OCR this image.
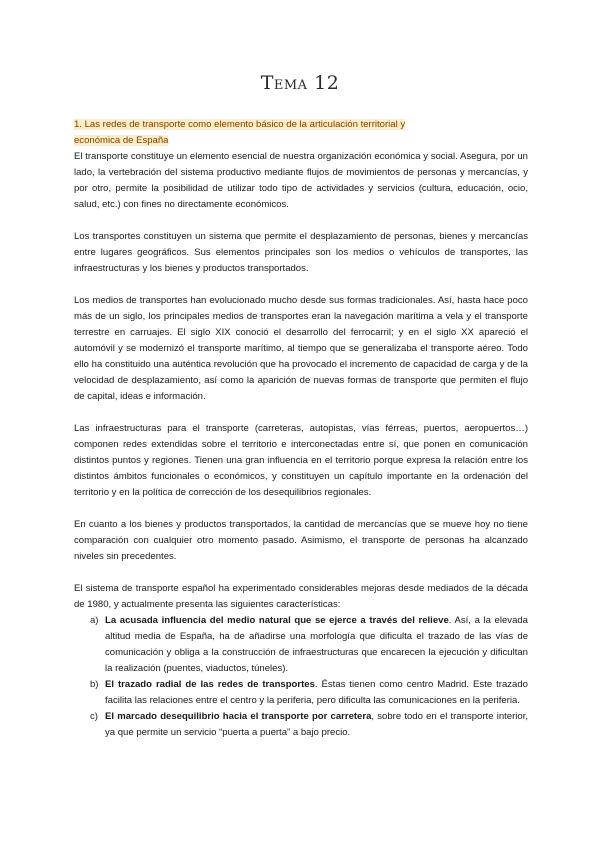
Tema 12
1. Las redes de transporte como elemento básico de la articulación territorial y
económica de España

El transporte constituye un elemento esencial de nuestra organización económica y social. Asegura, por un lado, la vertebración del sistema productivo mediante flujos de movimientos de personas y mercancías, y por otro, permite la posibilidad de utilizar todo tipo de actividades y servicios (cultura, educación, ocio, salud, etc.) con fines no directamente económicos.

Los transportes constituyen un sistema que permite el desplazamiento de personas, bienes y mercancías entre lugares geográficos. Sus elementos principales son los medios o vehículos de transportes, las infraestructuras y los bienes y productos transportados.

Los medios de transportes han evolucionado mucho desde sus formas tradicionales. Así, hasta hace poco más de un siglo, los principales medios de transportes eran la navegación marítima a vela y el transporte terrestre en carruajes. El siglo XIX conoció el desarrollo del ferrocarril; y en el siglo XX apareció el automóvil y se modernizó el transporte marítimo, al tiempo que se generalizaba el transporte aéreo. Todo ello ha constituido una auténtica revolución que ha provocado el incremento de capacidad de carga y de la velocidad de desplazamiento, así como la aparición de nuevas formas de transporte que permiten el flujo de capital, ideas e información.

Las infraestructuras para el transporte (carreteras, autopistas, vías férreas, puertos, aeropuertos…) componen redes extendidas sobre el territorio e interconectadas entre sí, que ponen en comunicación distintos puntos y regiones. Tienen una gran influencia en el territorio porque expresa la relación entre los distintos ámbitos funcionales o económicos, y constituyen un capítulo importante en la ordenación del territorio y en la política de corrección de los desequilibrios regionales.

En cuanto a los bienes y productos transportados, la cantidad de mercancías que se mueve hoy no tiene comparación con cualquier otro momento pasado. Asimismo, el transporte de personas ha alcanzado niveles sin precedentes.

El sistema de transporte español ha experimentado considerables mejoras desde mediados de la década de 1980, y actualmente presenta las siguientes características:

a) La acusada influencia del medio natural que se ejerce a través del relieve. Así, a la elevada altitud media de España, ha de añadirse una morfología que dificulta el trazado de las vías de comunicación y obliga a la construcción de infraestructuras que encarecen la ejecución y dificultan la realización (puentes, viaductos, túneles).
b) El trazado radial de las redes de transportes. Éstas tienen como centro Madrid. Este trazado facilita las relaciones entre el centro y la periferia, pero dificulta las comunicaciones en la periferia.
c) El marcado desequilibrio hacia el transporte por carretera, sobre todo en el transporte interior, ya que permite un servicio “puerta a puerta” a bajo precio.
